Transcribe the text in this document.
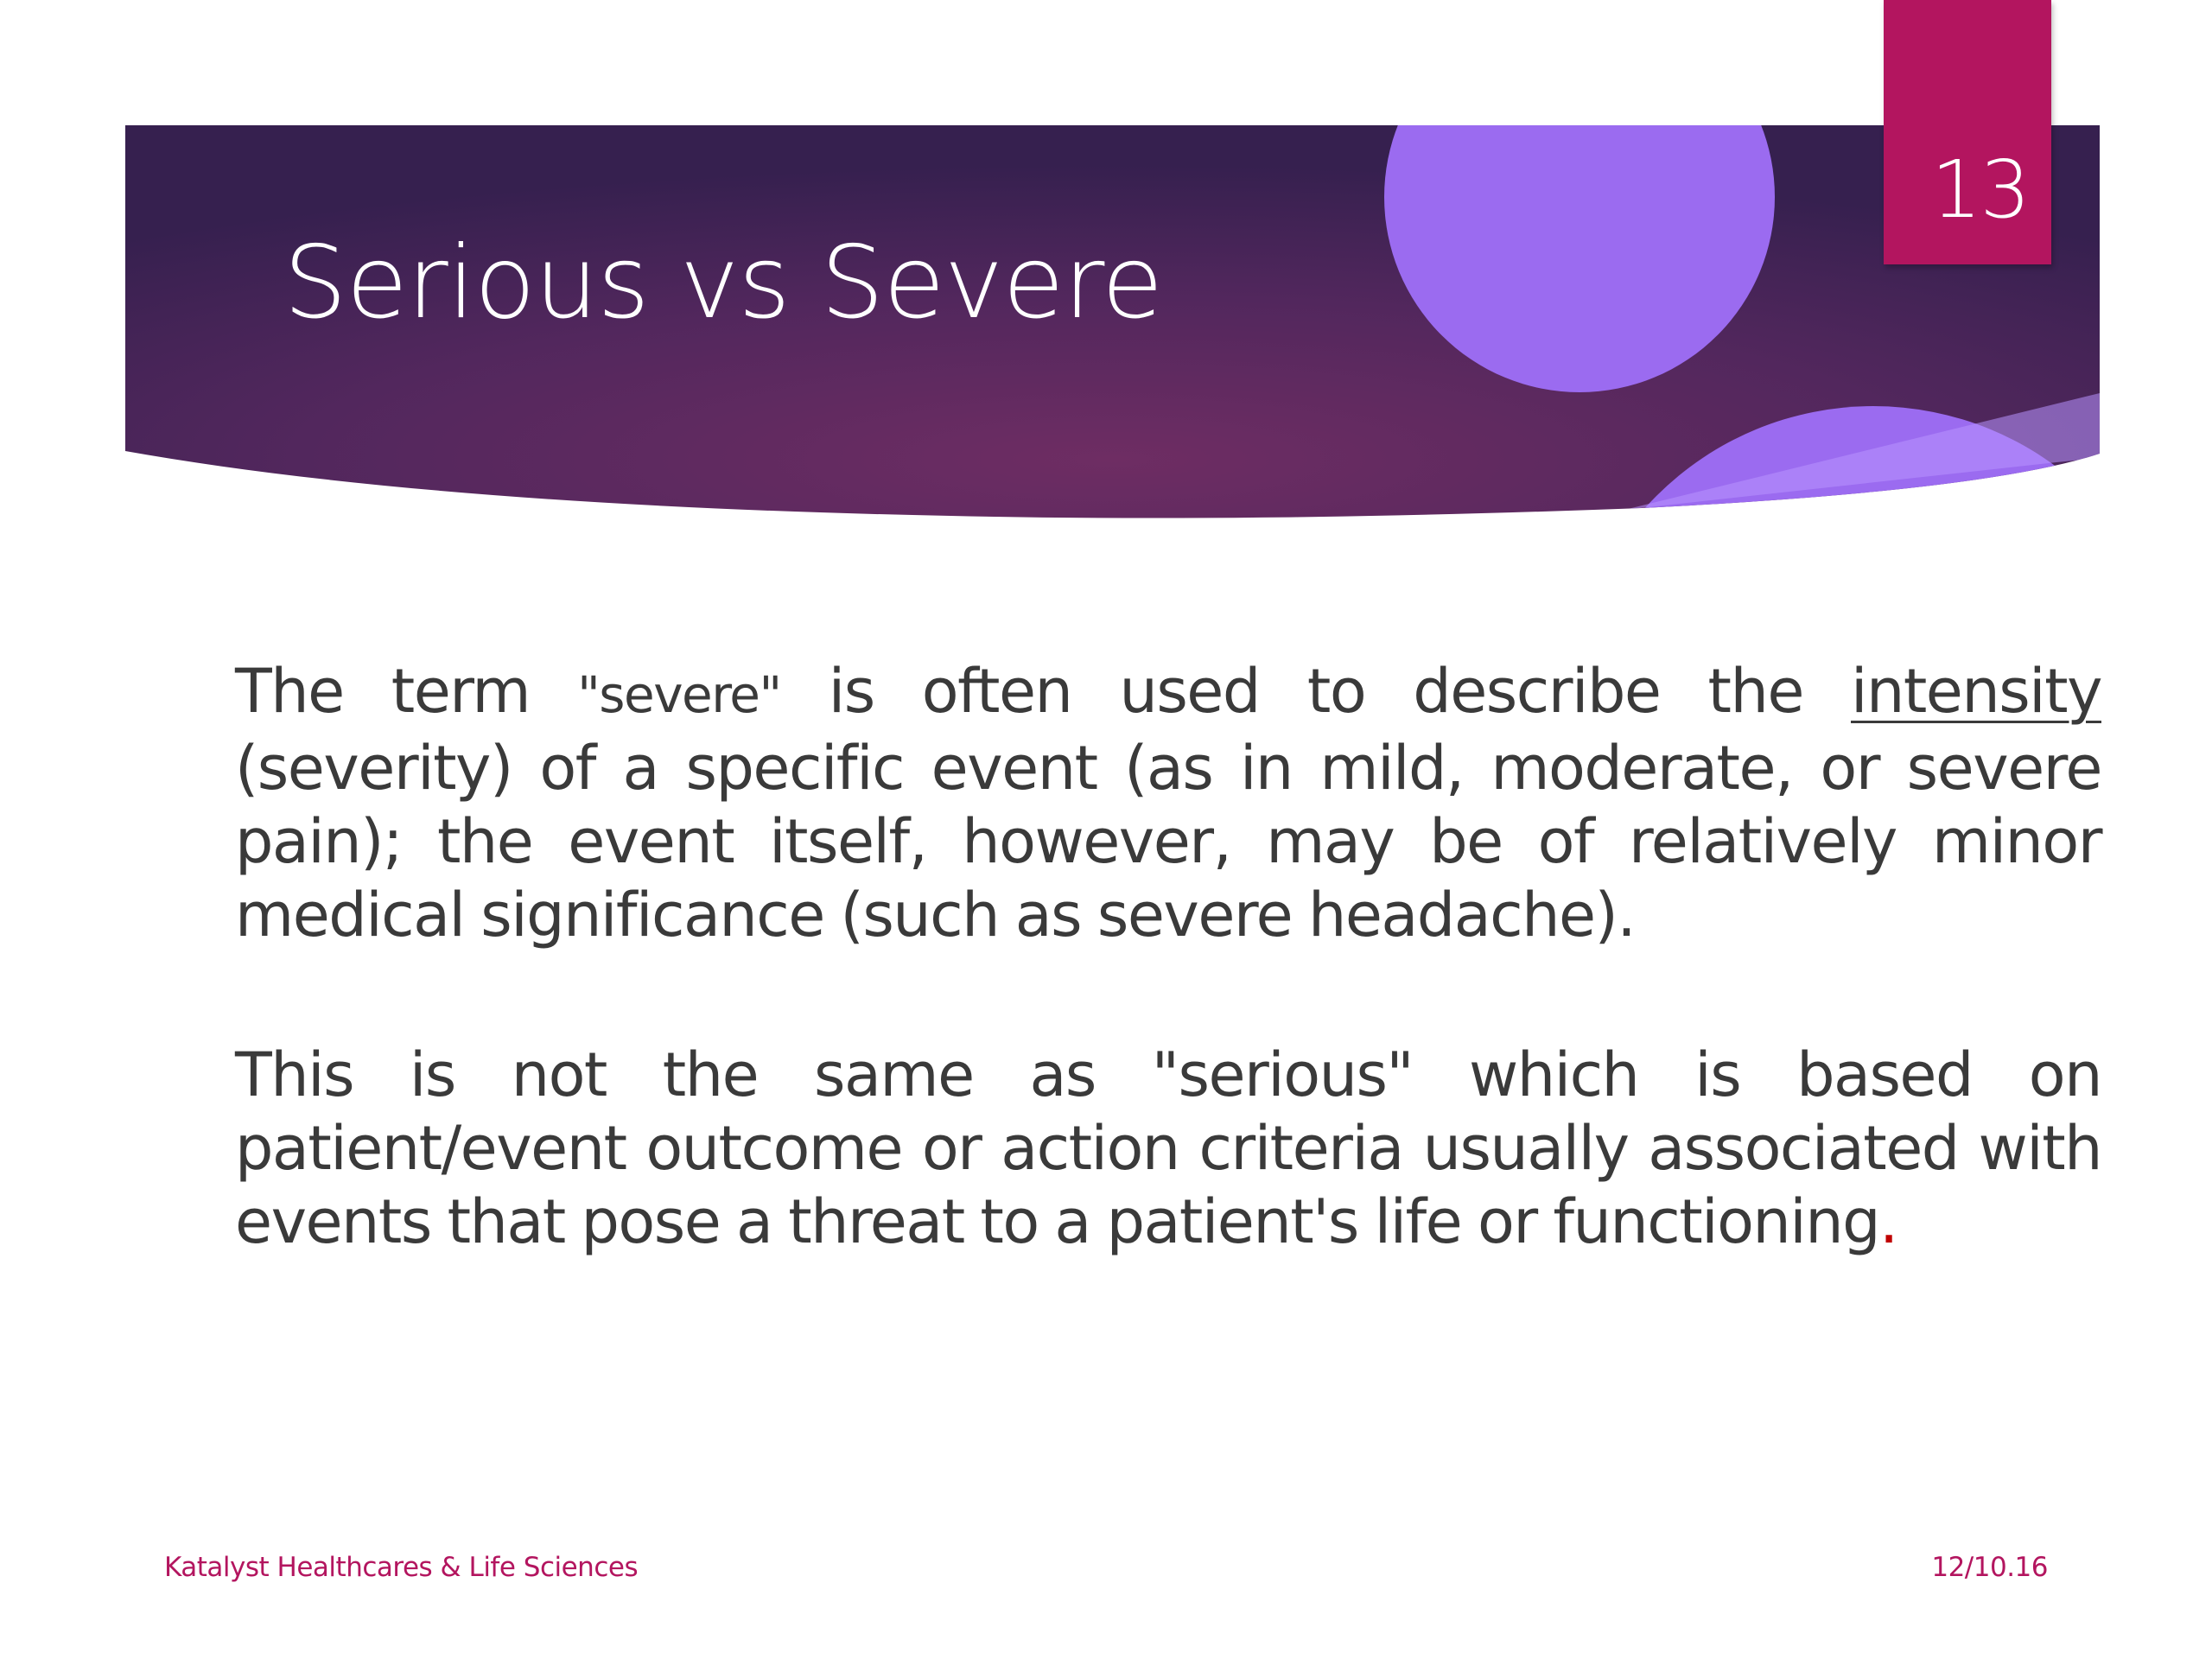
Serious vs Severe
13

The term "severe" is often used to describe the intensity (severity) of a specific event (as in mild, moderate, or severe pain); the event itself, however, may be of relatively minor medical significance (such as severe headache).

This is not the same as "serious" which is based on patient/event outcome or action criteria usually associated with events that pose a threat to a patient's life or functioning.

Katalyst Healthcares & Life Sciences	12/10.16
